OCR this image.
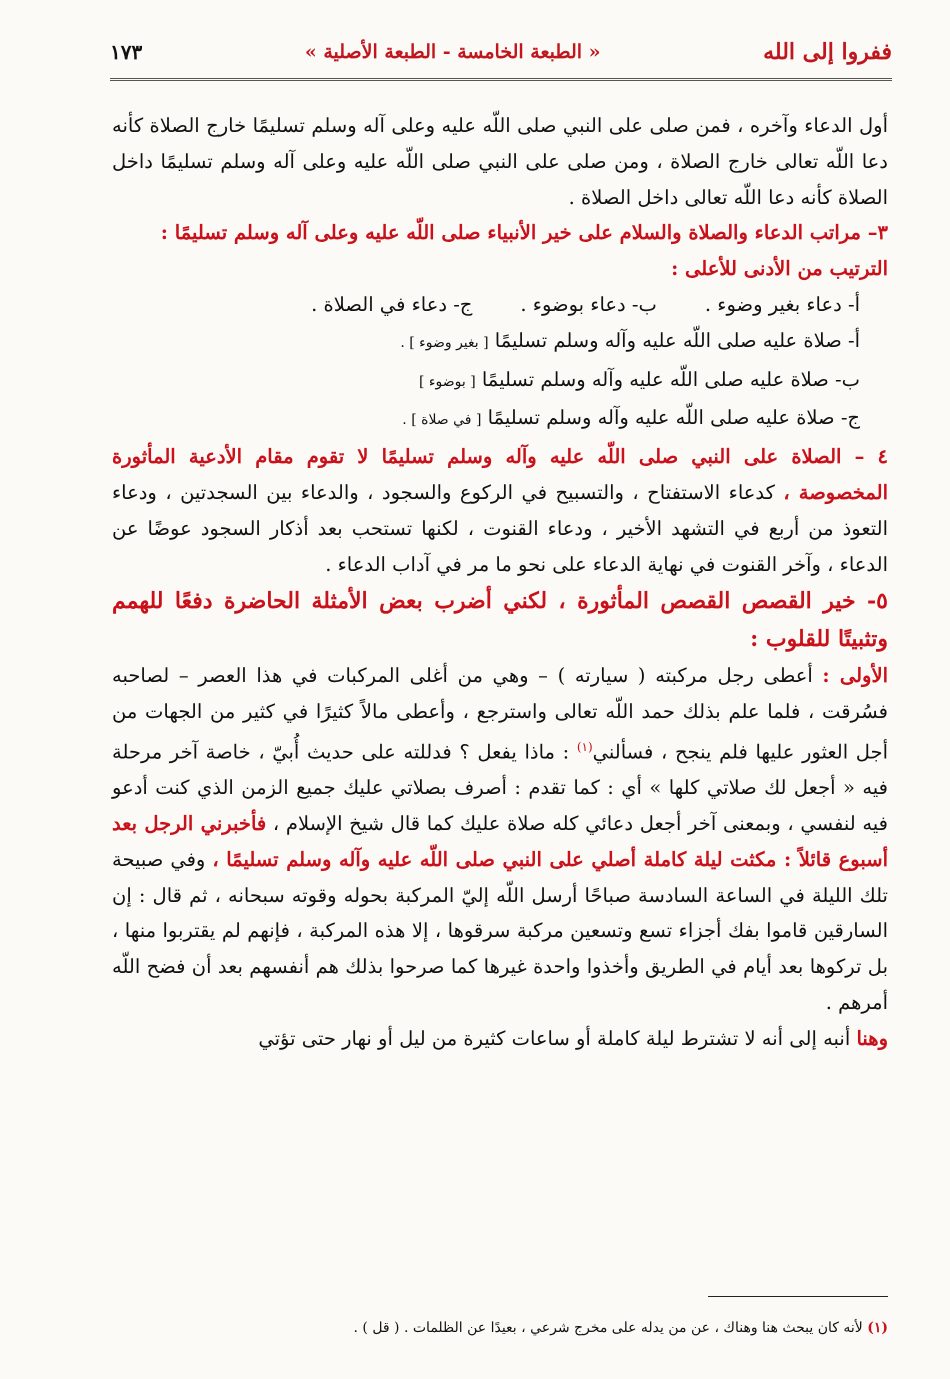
ففروا إلى الله
« الطبعة الخامسة - الطبعة الأصلية »
١٧٣

أول الدعاء وآخره ، فمن صلى على النبي صلى اللّه عليه وعلى آله وسلم تسليمًا خارج الصلاة كأنه دعا اللّه تعالى خارج الصلاة ، ومن صلى على النبي صلى اللّه عليه وعلى آله وسلم تسليمًا داخل الصلاة كأنه دعا اللّه تعالى داخل الصلاة .

٣– مراتب الدعاء والصلاة والسلام على خير الأنبياء صلى اللّه عليه وعلى آله وسلم تسليمًا :

الترتيب من الأدنى للأعلى :

أ- دعاء بغير وضوء .
ب- دعاء بوضوء .
ج- دعاء في الصلاة .

أ- صلاة عليه صلى اللّه عليه وآله وسلم تسليمًا [ بغير وضوء ] .

ب- صلاة عليه صلى اللّه عليه وآله وسلم تسليمًا [ بوضوء ]

ج- صلاة عليه صلى اللّه عليه وآله وسلم تسليمًا [ في صلاة ] .

٤ – الصلاة على النبي صلى اللّه عليه وآله وسلم تسليمًا لا تقوم مقام الأدعية المأثورة المخصوصة ، كدعاء الاستفتاح ، والتسبيح في الركوع والسجود ، والدعاء بين السجدتين ، ودعاء التعوذ من أربع في التشهد الأخير ، ودعاء القنوت ، لكنها تستحب بعد أذكار السجود عوضًا عن الدعاء ، وآخر القنوت في نهاية الدعاء على نحو ما مر في آداب الدعاء .

٥- خير القصص القصص المأثورة ، لكني أضرب بعض الأمثلة الحاضرة دفعًا للهمم وتثبيتًا للقلوب :

الأولى : أعطى رجل مركبته ( سيارته ) – وهي من أغلى المركبات في هذا العصر – لصاحبه فسُرقت ، فلما علم بذلك حمد اللّه تعالى واسترجع ، وأعطى مالاً كثيرًا في كثير من الجهات من أجل العثور عليها فلم ينجح ، فسألني$^{(١)}$ : ماذا يفعل ؟ فدللته على حديث أُبيّ ، خاصة آخر مرحلة فيه « أجعل لك صلاتي كلها » أي : كما تقدم : أصرف بصلاتي عليك جميع الزمن الذي كنت أدعو فيه لنفسي ، وبمعنى آخر أجعل دعائي كله صلاة عليك كما قال شيخ الإسلام ، فأخبرني الرجل بعد أسبوع قائلاً : مكثت ليلة كاملة أصلي على النبي صلى اللّه عليه وآله وسلم تسليمًا ، وفي صبيحة تلك الليلة في الساعة السادسة صباحًا أرسل اللّه إليّ المركبة بحوله وقوته سبحانه ، ثم قال : إن السارقين قاموا بفك أجزاء تسع وتسعين مركبة سرقوها ، إلا هذه المركبة ، فإنهم لم يقتربوا منها ، بل تركوها بعد أيام في الطريق وأخذوا واحدة غيرها كما صرحوا بذلك هم أنفسهم بعد أن فضح اللّه أمرهم .

وهنا أنبه إلى أنه لا تشترط ليلة كاملة أو ساعات كثيرة من ليل أو نهار حتى تؤتي

(١) لأنه كان يبحث هنا وهناك ، عن من يدله على مخرج شرعي ، بعيدًا عن الظلمات . ( قل ) .
